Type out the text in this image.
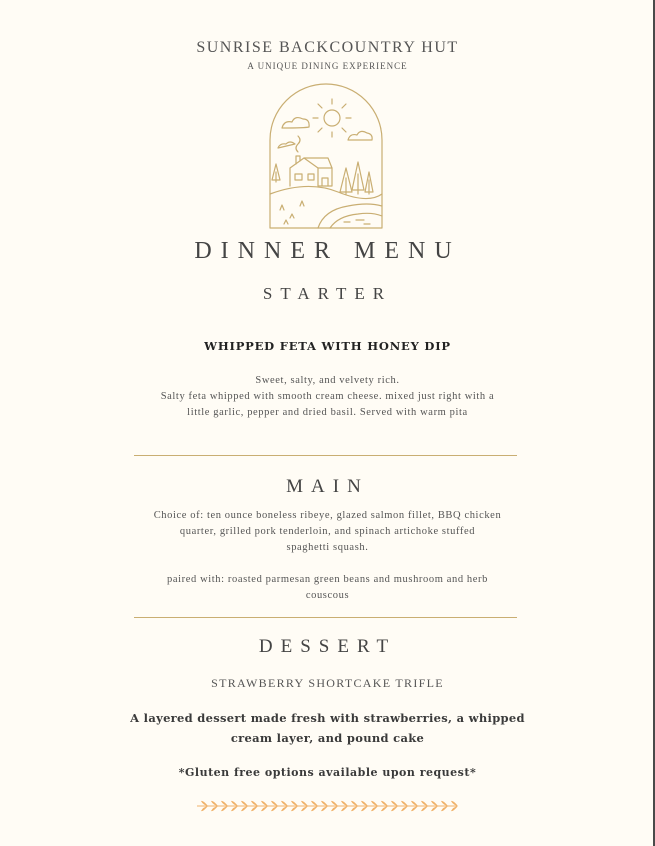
SUNRISE BACKCOUNTRY HUT
A UNIQUE DINING EXPERIENCE
DINNER MENU
STARTER
WHIPPED FETA WITH HONEY DIP
Sweet, salty, and velvety rich.
Salty feta whipped with smooth cream cheese. mixed just right with a
little garlic, pepper and dried basil. Served with warm pita
MAIN
Choice of: ten ounce boneless ribeye, glazed salmon fillet, BBQ chicken
quarter, grilled pork tenderloin, and spinach artichoke stuffed
spaghetti squash.
paired with: roasted parmesan green beans and mushroom and herb
couscous
DESSERT
STRAWBERRY SHORTCAKE TRIFLE
A layered dessert made fresh with strawberries, a whipped
cream layer, and pound cake
*Gluten free options available upon request*
